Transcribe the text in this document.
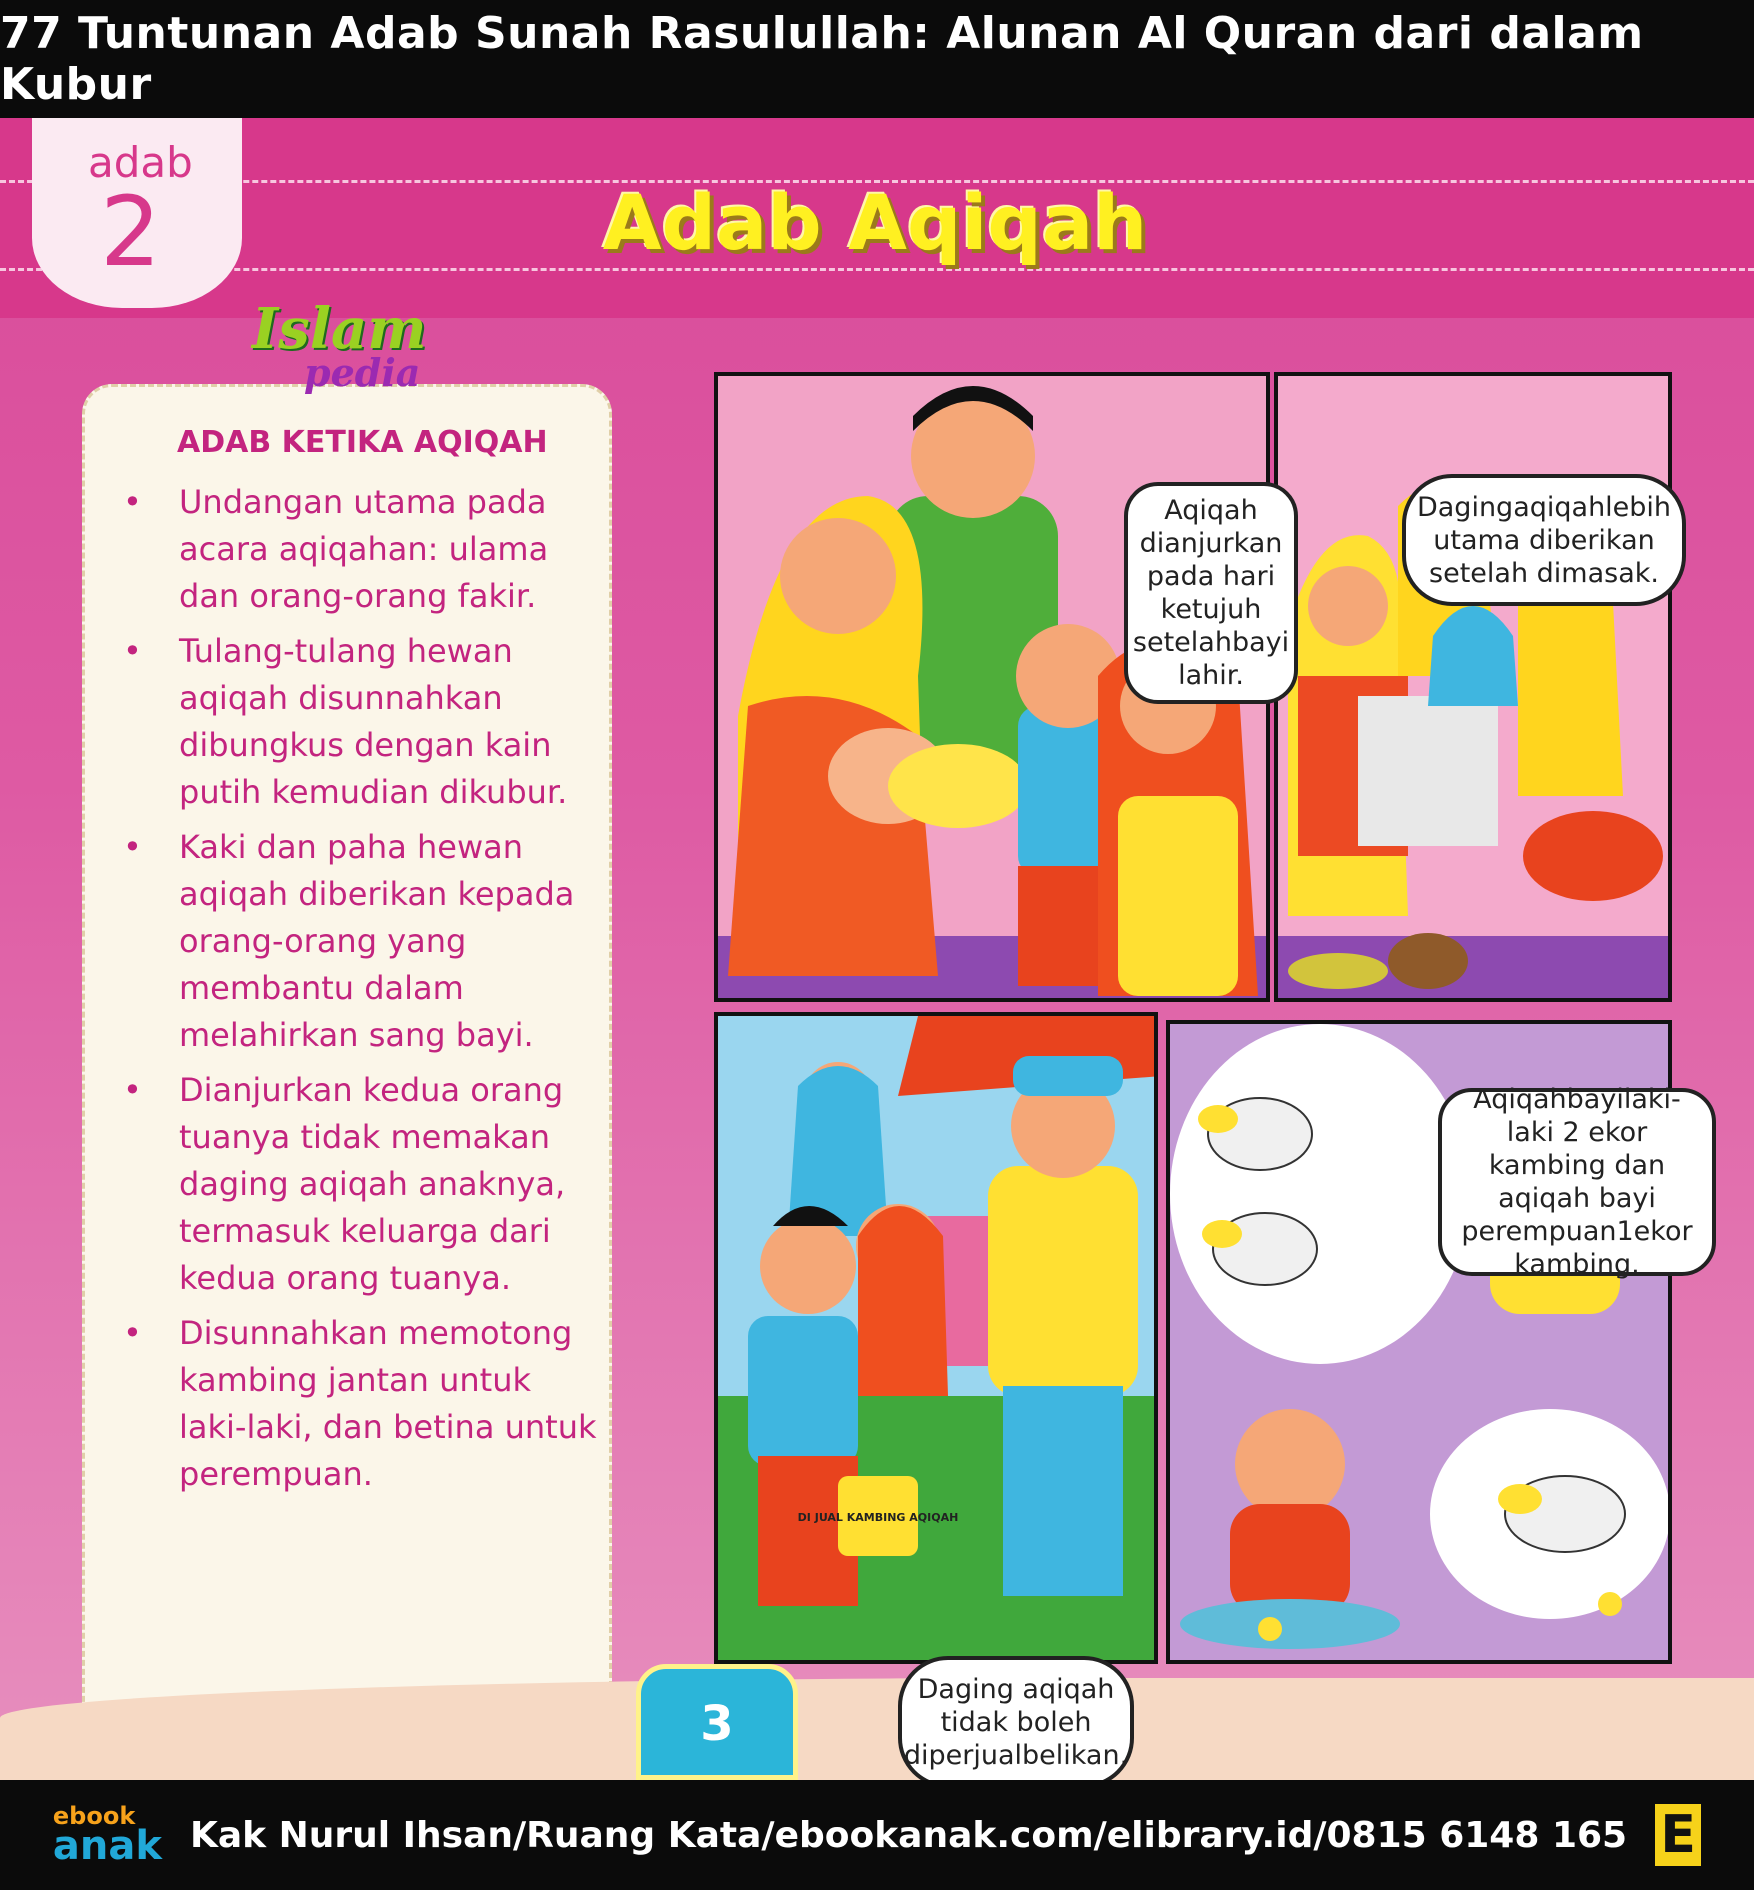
77 Tuntunan Adab Sunah Rasulullah: Alunan Al Quran dari dalam Kubur
adab
2	Adab Aqiqah
ADAB KETIKA AQIQAH
• Undangan utama pada acara aqiqahan: ulama dan orang-orang fakir.
• Tulang-tulang hewan aqiqah disunnahkan dibungkus dengan kain putih kemudian dikubur.
• Kaki dan paha hewan aqiqah diberikan kepada orang-orang yang membantu dalam melahirkan sang bayi.
• Dianjurkan kedua orang tuanya tidak memakan daging aqiqah anaknya, termasuk keluarga dari kedua orang tuanya.
• Disunnahkan memotong kambing jantan untuk laki-laki, dan betina untuk perempuan.
Islam
pedia
DI JUAL KAMBING AQIQAH
Aqiqah dianjurkan pada hari ketujuh setelahbayi lahir.
Dagingaqiqahlebih utama diberikan setelah dimasak.
Aqiqahbayilaki-laki 2 ekor kambing dan aqiqah bayi perempuan1ekor kambing.
Daging aqiqah tidak boleh diperjualbelikan.
3
ebook
anak Kak Nurul Ihsan/Ruang Kata/ebookanak.com/elibrary.id/0815 6148 165 E
